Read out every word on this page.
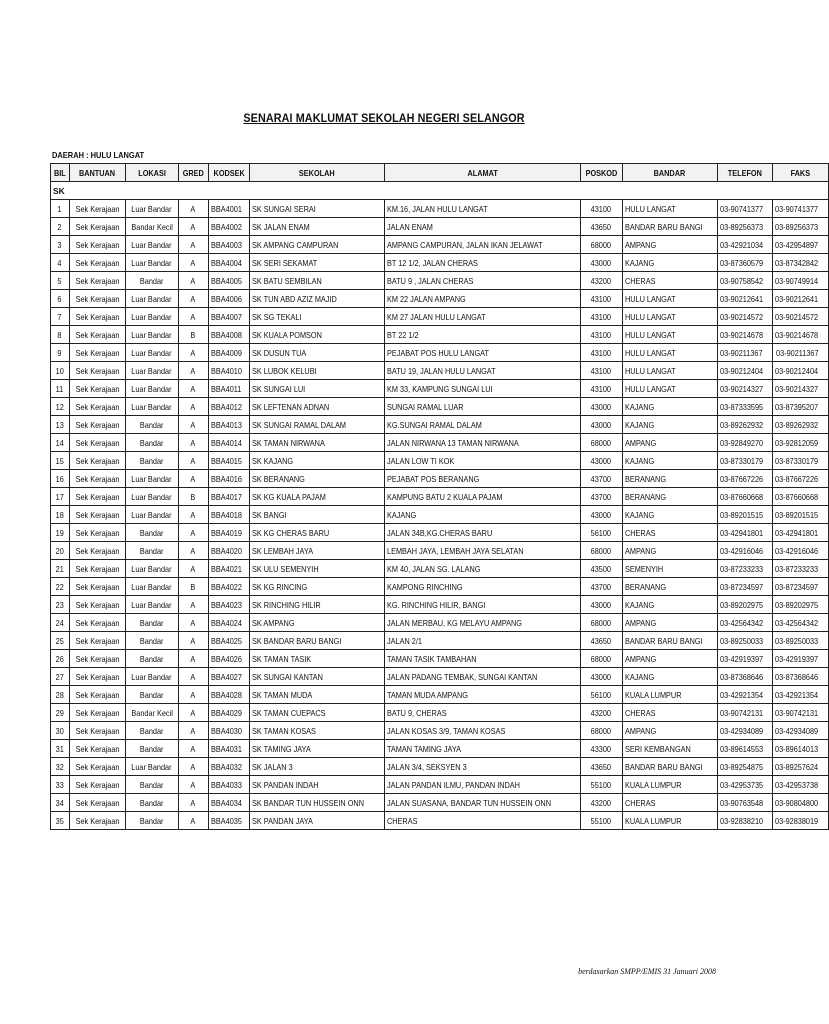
SENARAI MAKLUMAT SEKOLAH NEGERI SELANGOR
DAERAH : HULU LANGAT
BIL	BANTUAN	LOKASI	GRED	KODSEK	SEKOLAH	ALAMAT	POSKOD	BANDAR	TELEFON	FAKS
SK										
1	Sek Kerajaan	Luar Bandar	A	BBA4001	SK SUNGAI SERAI	KM.16, JALAN HULU LANGAT	43100	HULU LANGAT	03-90741377	03-90741377
2	Sek Kerajaan	Bandar Kecil	A	BBA4002	SK JALAN ENAM	JALAN ENAM	43650	BANDAR BARU BANGI	03-89256373	03-89256373
3	Sek Kerajaan	Luar Bandar	A	BBA4003	SK AMPANG CAMPURAN	AMPANG CAMPURAN, JALAN IKAN JELAWAT	68000	AMPANG	03-42921034	03-42954897
4	Sek Kerajaan	Luar Bandar	A	BBA4004	SK SERI SEKAMAT	BT 12 1/2, JALAN CHERAS	43000	KAJANG	03-87360579	03-87342842
5	Sek Kerajaan	Bandar	A	BBA4005	SK BATU SEMBILAN	BATU 9 , JALAN CHERAS	43200	CHERAS	03-90758542	03-90749914
6	Sek Kerajaan	Luar Bandar	A	BBA4006	SK TUN ABD AZIZ MAJID	KM 22 JALAN AMPANG	43100	HULU LANGAT	03-90212641	03-90212641
7	Sek Kerajaan	Luar Bandar	A	BBA4007	SK SG TEKALI	KM 27 JALAN HULU LANGAT	43100	HULU LANGAT	03-90214572	03-90214572
8	Sek Kerajaan	Luar Bandar	B	BBA4008	SK KUALA POMSON	BT 22 1/2	43100	HULU LANGAT	03-90214678	03-90214678
9	Sek Kerajaan	Luar Bandar	A	BBA4009	SK DUSUN TUA	PEJABAT POS HULU LANGAT	43100	HULU LANGAT	03-90211367	03-90211367
10	Sek Kerajaan	Luar Bandar	A	BBA4010	SK LUBOK KELUBI	BATU 19, JALAN HULU LANGAT	43100	HULU LANGAT	03-90212404	03-90212404
11	Sek Kerajaan	Luar Bandar	A	BBA4011	SK SUNGAI LUI	KM 33, KAMPUNG SUNGAI LUI	43100	HULU LANGAT	03-90214327	03-90214327
12	Sek Kerajaan	Luar Bandar	A	BBA4012	SK LEFTENAN ADNAN	SUNGAI RAMAL LUAR	43000	KAJANG	03-87333595	03-87395207
13	Sek Kerajaan	Bandar	A	BBA4013	SK SUNGAI RAMAL DALAM	KG.SUNGAI RAMAL DALAM	43000	KAJANG	03-89262932	03-89262932
14	Sek Kerajaan	Bandar	A	BBA4014	SK TAMAN NIRWANA	JALAN NIRWANA 13 TAMAN NIRWANA	68000	AMPANG	03-92849270	03-92812059
15	Sek Kerajaan	Bandar	A	BBA4015	SK KAJANG	JALAN LOW TI KOK	43000	KAJANG	03-87330179	03-87330179
16	Sek Kerajaan	Luar Bandar	A	BBA4016	SK BERANANG	PEJABAT POS BERANANG	43700	BERANANG	03-87667226	03-87667226
17	Sek Kerajaan	Luar Bandar	B	BBA4017	SK KG KUALA PAJAM	KAMPUNG BATU 2 KUALA PAJAM	43700	BERANANG	03-87660668	03-87660668
18	Sek Kerajaan	Luar Bandar	A	BBA4018	SK BANGI	KAJANG	43000	KAJANG	03-89201515	03-89201515
19	Sek Kerajaan	Bandar	A	BBA4019	SK KG CHERAS BARU	JALAN 34B,KG.CHERAS BARU	56100	CHERAS	03-42941801	03-42941801
20	Sek Kerajaan	Bandar	A	BBA4020	SK LEMBAH JAYA	LEMBAH JAYA, LEMBAH JAYA SELATAN	68000	AMPANG	03-42916046	03-42916046
21	Sek Kerajaan	Luar Bandar	A	BBA4021	SK ULU SEMENYIH	KM 40, JALAN SG. LALANG	43500	SEMENYIH	03-87233233	03-87233233
22	Sek Kerajaan	Luar Bandar	B	BBA4022	SK KG RINCING	KAMPONG RINCHING	43700	BERANANG	03-87234597	03-87234597
23	Sek Kerajaan	Luar Bandar	A	BBA4023	SK RINCHING HILIR	KG. RINCHING HILIR, BANGI	43000	KAJANG	03-89202975	03-89202975
24	Sek Kerajaan	Bandar	A	BBA4024	SK AMPANG	JALAN MERBAU, KG MELAYU AMPANG	68000	AMPANG	03-42564342	03-42564342
25	Sek Kerajaan	Bandar	A	BBA4025	SK BANDAR BARU BANGI	JALAN 2/1	43650	BANDAR BARU BANGI	03-89250033	03-89250033
26	Sek Kerajaan	Bandar	A	BBA4026	SK TAMAN TASIK	TAMAN TASIK TAMBAHAN	68000	AMPANG	03-42919397	03-42919397
27	Sek Kerajaan	Luar Bandar	A	BBA4027	SK SUNGAI KANTAN	JALAN PADANG TEMBAK, SUNGAI KANTAN	43000	KAJANG	03-87368646	03-87368646
28	Sek Kerajaan	Bandar	A	BBA4028	SK TAMAN MUDA	TAMAN MUDA AMPANG	56100	KUALA LUMPUR	03-42921354	03-42921354
29	Sek Kerajaan	Bandar Kecil	A	BBA4029	SK TAMAN CUEPACS	BATU 9, CHERAS	43200	CHERAS	03-90742131	03-90742131
30	Sek Kerajaan	Bandar	A	BBA4030	SK TAMAN KOSAS	JALAN KOSAS 3/9, TAMAN KOSAS	68000	AMPANG	03-42934089	03-42934089
31	Sek Kerajaan	Bandar	A	BBA4031	SK TAMING JAYA	TAMAN TAMING JAYA	43300	SERI KEMBANGAN	03-89614553	03-89614013
32	Sek Kerajaan	Luar Bandar	A	BBA4032	SK JALAN 3	JALAN 3/4, SEKSYEN 3	43650	BANDAR BARU BANGI	03-89254875	03-89257624
33	Sek Kerajaan	Bandar	A	BBA4033	SK PANDAN INDAH	JALAN PANDAN ILMU, PANDAN INDAH	55100	KUALA LUMPUR	03-42953735	03-42953738
34	Sek Kerajaan	Bandar	A	BBA4034	SK BANDAR TUN HUSSEIN ONN	JALAN SUASANA, BANDAR TUN HUSSEIN ONN	43200	CHERAS	03-90763548	03-90804800
35	Sek Kerajaan	Bandar	A	BBA4035	SK PANDAN JAYA	CHERAS	55100	KUALA LUMPUR	03-92838210	03-92838019
berdasarkan SMPP/EMIS 31 Januari 2008
